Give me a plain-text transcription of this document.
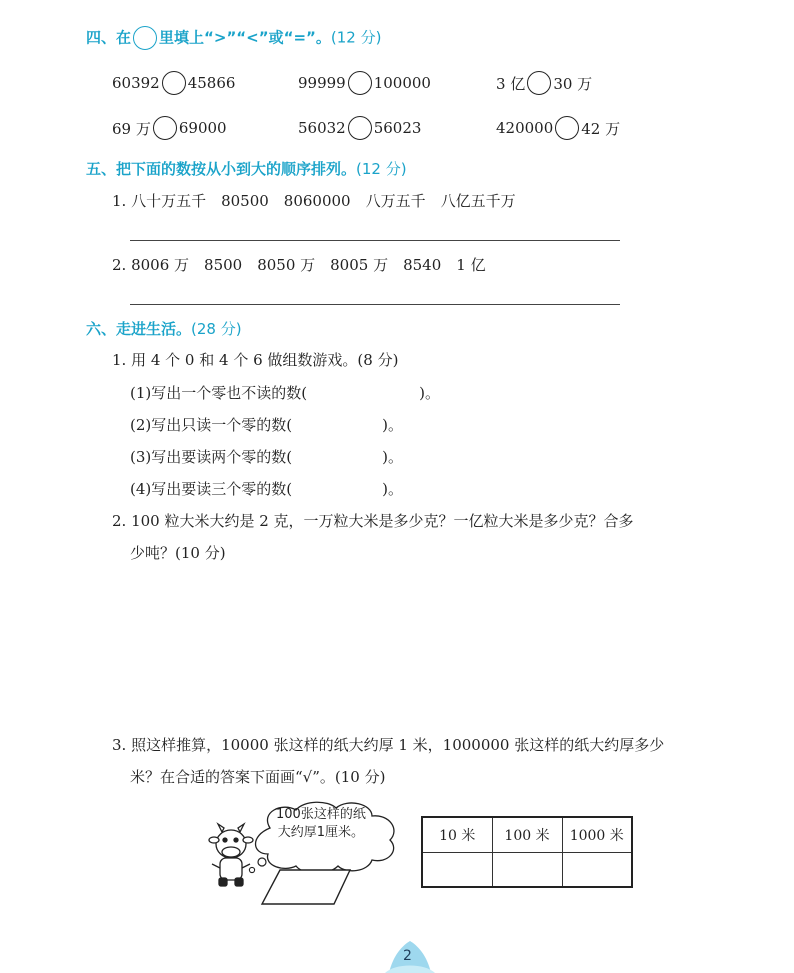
四、在 里填上“>”“<”或“=”。(12 分)
60392 45866	99999 100000	3 亿 30 万
69 万 69000	56032 56023	420000 42 万
五、把下面的数按从小到大的顺序排列。(12 分)
1. 八十万五千　80500　8060000　八万五千　八亿五千万
2. 8006 万　8500　8050 万　8005 万　8540　1 亿
六、走进生活。(28 分)
1. 用 4 个 0 和 4 个 6 做组数游戏。(8 分)
(1)写出一个零也不读的数(	)。
(2)写出只读一个零的数(	)。
(3)写出要读两个零的数(	)。
(4)写出要读三个零的数(	)。
2. 100 粒大米大约是 2 克，一万粒大米是多少克？一亿粒大米是多少克？合多
少吨？(10 分)
3. 照这样推算，10000 张这样的纸大约厚 1 米，1000000 张这样的纸大约厚多少
米？在合适的答案下面画“√”。(10 分)
100张这样的纸
大约厚1厘米。	10 米	100 米	1000 米

2
